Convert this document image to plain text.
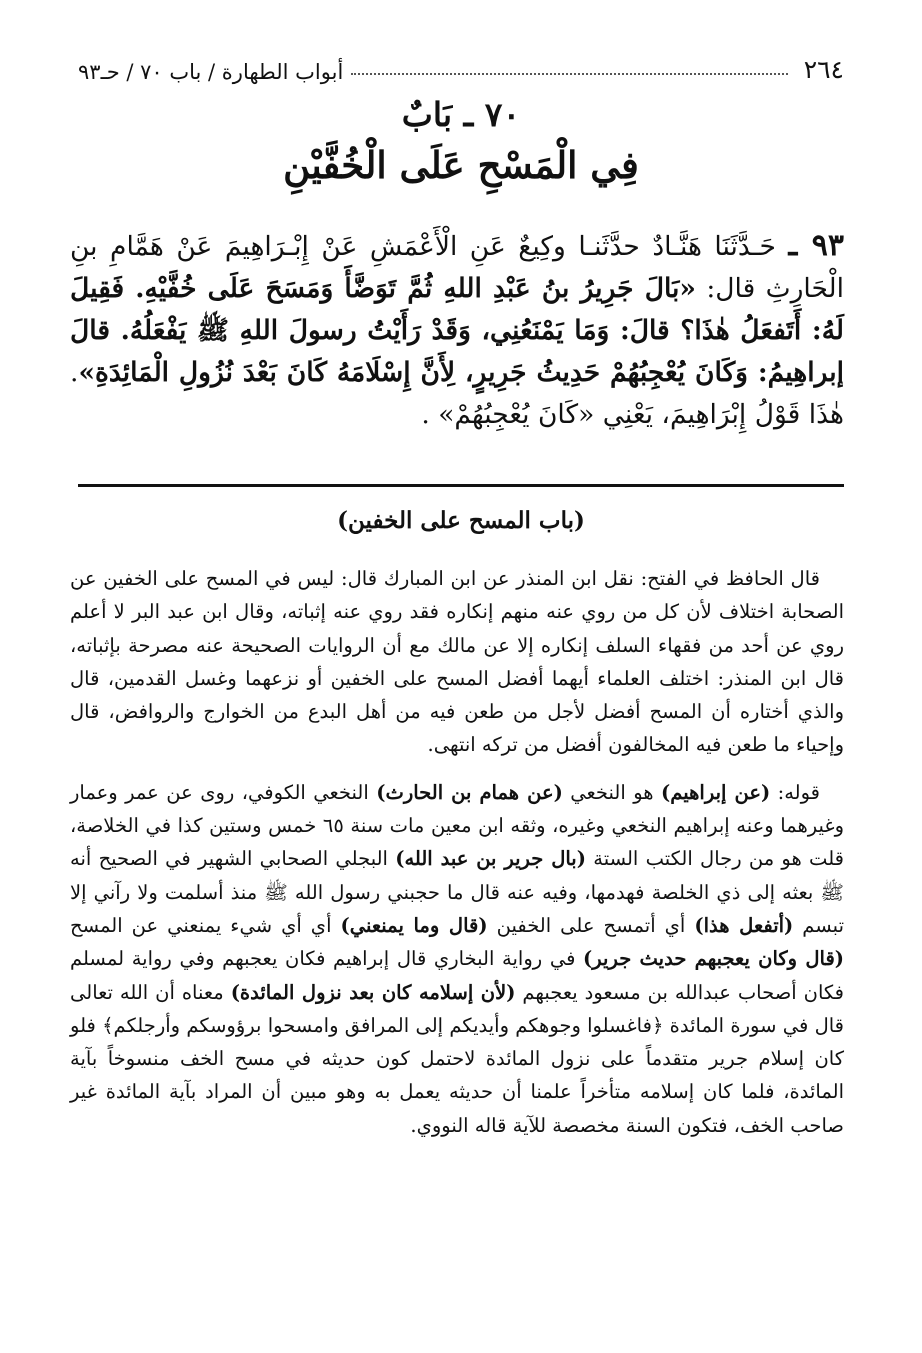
٢٦٤
أبواب الطهارة / باب ٧٠ / حـ٩٣
٧٠ ـ بَابٌ
فِي الْمَسْحِ عَلَى الْخُفَّيْنِ
٩٣ ـ حَـدَّثَنَا هَنَّـادٌ حدَّثَنـا وكِيعٌ عَنِ الْأَعْمَشِ عَنْ إِبْـرَاهِيمَ عَنْ هَمَّامِ بنِ الْحَارِثِ قال: «بَالَ جَرِيرُ بنُ عَبْدِ اللهِ ثُمَّ تَوَضَّأَ وَمَسَحَ عَلَى خُفَّيْهِ. فَقِيلَ لَهُ: أَتَفعَلُ هٰذَا؟ قالَ: وَمَا يَمْنَعُنِي، وَقَدْ رَأَيْتُ رسولَ اللهِ ﷺ يَفْعَلُهُ. قالَ إبراهِيمُ: وَكَانَ يُعْجِبُهُمْ حَدِيثُ جَرِيرٍ، لِأَنَّ إِسْلَامَهُ كَانَ بَعْدَ نُزُولِ الْمَائِدَةِ». هٰذَا قَوْلُ إِبْرَاهِيمَ، يَعْنِي «كَانَ يُعْجِبُهُمْ» .
(باب المسح على الخفين)

قال الحافظ في الفتح: نقل ابن المنذر عن ابن المبارك قال: ليس في المسح على الخفين عن الصحابة اختلاف لأن كل من روي عنه منهم إنكاره فقد روي عنه إثباته، وقال ابن عبد البر لا أعلم روي عن أحد من فقهاء السلف إنكاره إلا عن مالك مع أن الروايات الصحيحة عنه مصرحة بإثباته، قال ابن المنذر: اختلف العلماء أيهما أفضل المسح على الخفين أو نزعهما وغسل القدمين، قال والذي أختاره أن المسح أفضل لأجل من طعن فيه من أهل البدع من الخوارج والروافض، قال وإحياء ما طعن فيه المخالفون أفضل من تركه انتهى.

قوله: (عن إبراهيم) هو النخعي (عن همام بن الحارث) النخعي الكوفي، روى عن عمر وعمار وغيرهما وعنه إبراهيم النخعي وغيره، وثقه ابن معين مات سنة ٦٥ خمس وستين كذا في الخلاصة، قلت هو من رجال الكتب الستة (بال جرير بن عبد الله) البجلي الصحابي الشهير في الصحيح أنه ﷺ بعثه إلى ذي الخلصة فهدمها، وفيه عنه قال ما حجبني رسول الله ﷺ منذ أسلمت ولا رآني إلا تبسم (أتفعل هذا) أي أتمسح على الخفين (قال وما يمنعني) أي أي شيء يمنعني عن المسح (قال وكان يعجبهم حديث جرير) في رواية البخاري قال إبراهيم فكان يعجبهم وفي رواية لمسلم فكان أصحاب عبدالله بن مسعود يعجبهم (لأن إسلامه كان بعد نزول المائدة) معناه أن الله تعالى قال في سورة المائدة ﴿فاغسلوا وجوهكم وأيديكم إلى المرافق وامسحوا برؤوسكم وأرجلكم﴾ فلو كان إسلام جرير متقدماً على نزول المائدة لاحتمل كون حديثه في مسح الخف منسوخاً بآية المائدة، فلما كان إسلامه متأخراً علمنا أن حديثه يعمل به وهو مبين أن المراد بآية المائدة غير صاحب الخف، فتكون السنة مخصصة للآية قاله النووي.
